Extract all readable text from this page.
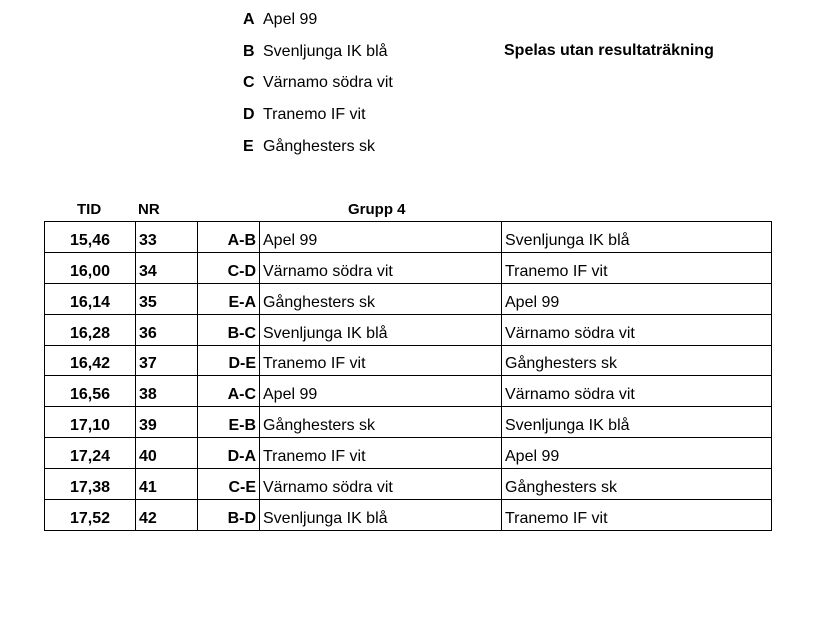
A Apel 99
B Svenljunga IK blå
C Värnamo södra vit
D Tranemo IF vit
E Gånghesters sk
Spelas utan resultaträkning
TID NR	Grupp 4
15,46	33	A-B	Apel 99	Svenljunga IK blå
16,00	34	C-D	Värnamo södra vit	Tranemo IF vit
16,14	35	E-A	Gånghesters sk	Apel 99
16,28	36	B-C	Svenljunga IK blå	Värnamo södra vit
16,42	37	D-E	Tranemo IF vit	Gånghesters sk
16,56	38	A-C	Apel 99	Värnamo södra vit
17,10	39	E-B	Gånghesters sk	Svenljunga IK blå
17,24	40	D-A	Tranemo IF vit	Apel 99
17,38	41	C-E	Värnamo södra vit	Gånghesters sk
17,52	42	B-D	Svenljunga IK blå	Tranemo IF vit
